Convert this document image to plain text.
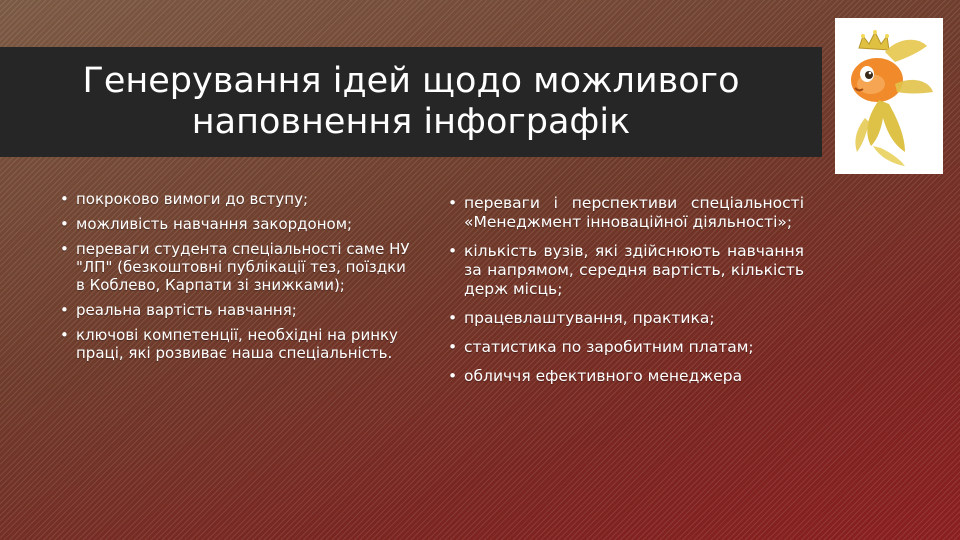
Генерування ідей щодо можливого наповнення інфографік
• покроково вимоги до вступу;
• можливість навчання закордоном;
• переваги студента спеціальності саме НУ "ЛП" (безкоштовні публікації тез, поїздки в Коблево, Карпати зі знижками);
• реальна вартість навчання;
• ключові компетенції, необхідні на ринку праці, які розвиває наша спеціальність.
• переваги і перспективи спеціальності «Менеджмент інноваційної діяльності»;
• кількість вузів, які здійснюють навчання за напрямом, середня вартість, кількість держ місць;
• працевлаштування, практика;
• статистика по заробитним платам;
• обличчя ефективного менеджера
